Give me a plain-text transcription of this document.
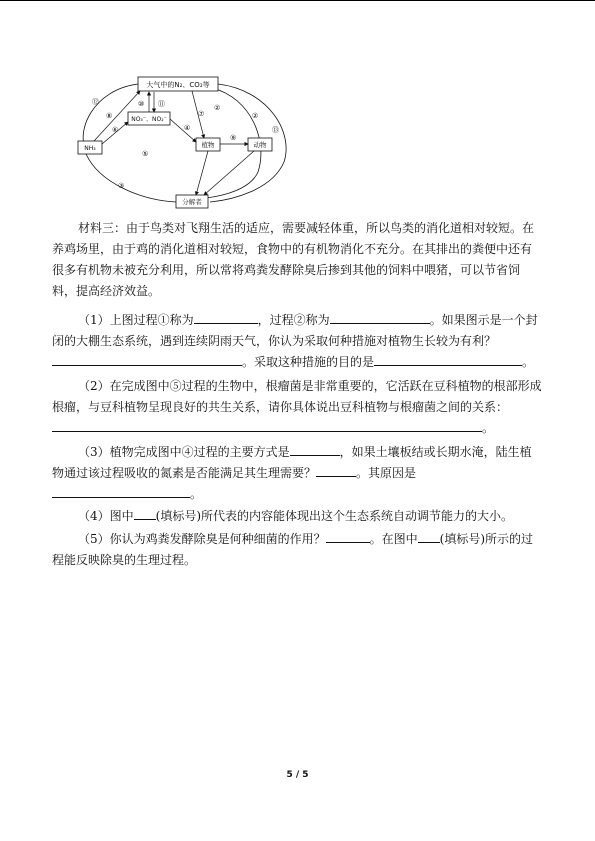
大气中的N₂、CO₂等
NO₃⁻、NO₂⁻
NH₃	植物	动物
分解者
⑫
⑧
⑥
⑩ ⑪
④
⑦
②
⑨
②
⑬
⑤
③

材料三：由于鸟类对飞翔生活的适应，需要减轻体重，所以鸟类的消化道相对较短。在养鸡场里，由于鸡的消化道相对较短，食物中的有机物消化不充分。在其排出的粪便中还有很多有机物未被充分利用，所以常将鸡粪发酵除臭后掺到其他的饲料中喂猪，可以节省饲料，提高经济效益。

（1）上图过程①称为	，过程②称为	。如果图示是一个封闭的大棚生态系统，遇到连续阴雨天气，你认为采取何种措施对植物生长较为有利？
。采取这种措施的目的是	。

（2）在完成图中⑤过程的生物中，根瘤菌是非常重要的，它活跃在豆科植物的根部形成根瘤，与豆科植物呈现良好的共生关系，请你具体说出豆科植物与根瘤菌之间的关系：
。

（3）植物完成图中④过程的主要方式是	，如果土壤板结或长期水淹，陆生植物通过该过程吸收的氮素是否能满足其生理需要？	。其原因是
。

（4）图中 (填标号)所代表的内容能体现出这个生态系统自动调节能力的大小。

（5）你认为鸡粪发酵除臭是何种细菌的作用？	。在图中 (填标号)所示的过程能反映除臭的生理过程。

5 / 5
